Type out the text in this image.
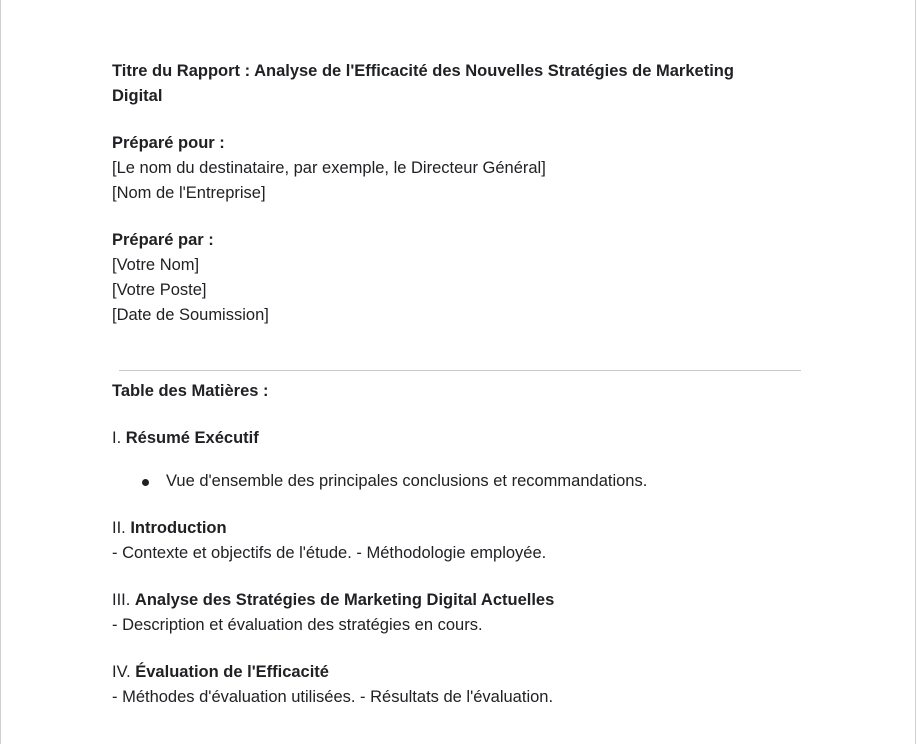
Titre du Rapport : Analyse de l'Efficacité des Nouvelles Stratégies de Marketing
Digital

Préparé pour :
[Le nom du destinataire, par exemple, le Directeur Général]
[Nom de l'Entreprise]

Préparé par :
[Votre Nom]
[Votre Poste]
[Date de Soumission]

Table des Matières :

I. Résumé Exécutif

Vue d'ensemble des principales conclusions et recommandations.

II. Introduction
- Contexte et objectifs de l'étude. - Méthodologie employée.

III. Analyse des Stratégies de Marketing Digital Actuelles
- Description et évaluation des stratégies en cours.

IV. Évaluation de l'Efficacité
- Méthodes d'évaluation utilisées. - Résultats de l'évaluation.
